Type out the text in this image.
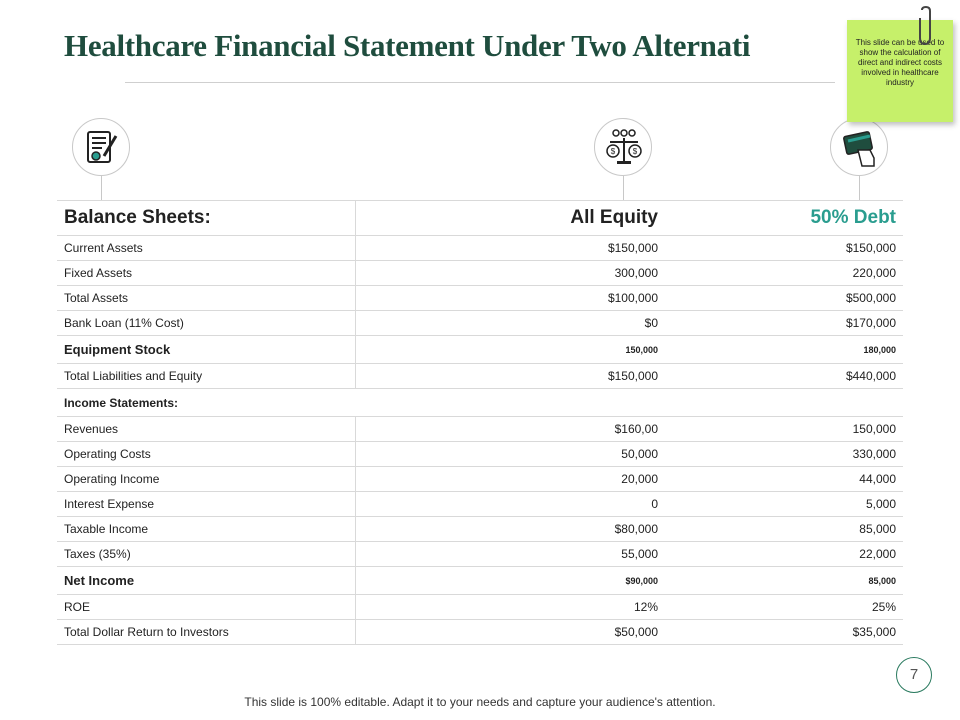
Healthcare Financial Statement Under Two Alternati
$ $
This slide can be used to show the calculation of direct and indirect costs involved in healthcare industry
Balance Sheets:	All Equity	50% Debt
Current Assets	$150,000	$150,000
Fixed Assets	300,000	220,000
Total Assets	$100,000	$500,000
Bank Loan (11% Cost)	$0	$170,000
Equipment Stock	150,000	180,000
Total Liabilities and Equity	$150,000	$440,000
Income Statements:		
Revenues	$160,00	150,000
Operating Costs	50,000	330,000
Operating Income	20,000	44,000
Interest Expense	0	5,000
Taxable Income	$80,000	85,000
Taxes (35%)	55,000	22,000
Net Income	$90,000	85,000
ROE	12%	25%
Total Dollar Return to Investors	$50,000	$35,000
7
This slide is 100% editable. Adapt it to your needs and capture your audience's attention.
